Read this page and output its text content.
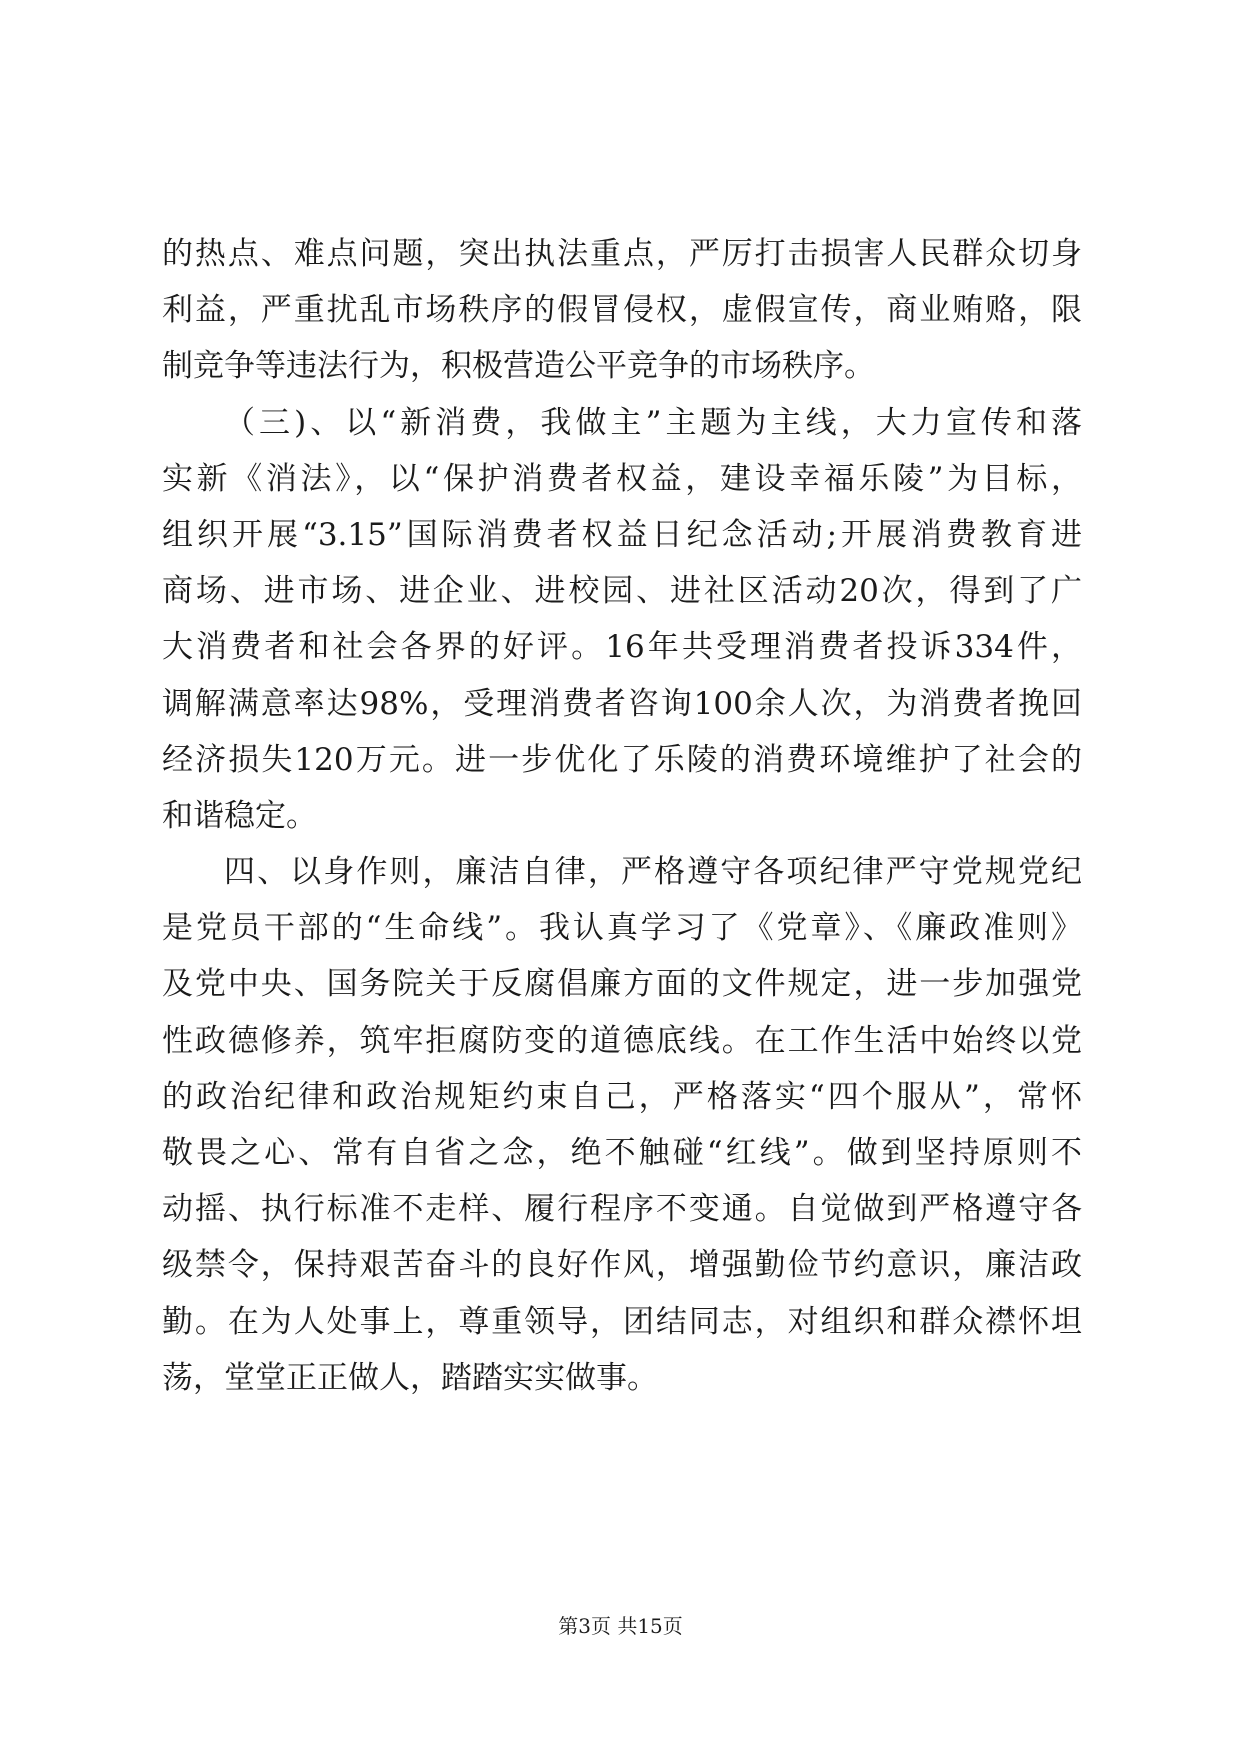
的热点、难点问题，突出执法重点，严厉打击损害人民群众切身
利益，严重扰乱市场秩序的假冒侵权，虚假宣传，商业贿赂，限
制竞争等违法行为，积极营造公平竞争的市场秩序。
（三)、以“新消费，我做主”主题为主线，大力宣传和落
实新《消法》，以“保护消费者权益，建设幸福乐陵”为目标，
组织开展“3.15”国际消费者权益日纪念活动;开展消费教育进
商场、进市场、进企业、进校园、进社区活动20次，得到了广
大消费者和社会各界的好评。16年共受理消费者投诉334件，
调解满意率达98%，受理消费者咨询100余人次，为消费者挽回
经济损失120万元。进一步优化了乐陵的消费环境维护了社会的
和谐稳定。
四、以身作则，廉洁自律，严格遵守各项纪律严守党规党纪
是党员干部的“生命线”。我认真学习了《党章》、《廉政准则》
及党中央、国务院关于反腐倡廉方面的文件规定，进一步加强党
性政德修养，筑牢拒腐防变的道德底线。在工作生活中始终以党
的政治纪律和政治规矩约束自己，严格落实“四个服从”，常怀
敬畏之心、常有自省之念，绝不触碰“红线”。做到坚持原则不
动摇、执行标准不走样、履行程序不变通。自觉做到严格遵守各
级禁令，保持艰苦奋斗的良好作风，增强勤俭节约意识，廉洁政
勤。在为人处事上，尊重领导，团结同志，对组织和群众襟怀坦
荡，堂堂正正做人，踏踏实实做事。
第3页 共15页
